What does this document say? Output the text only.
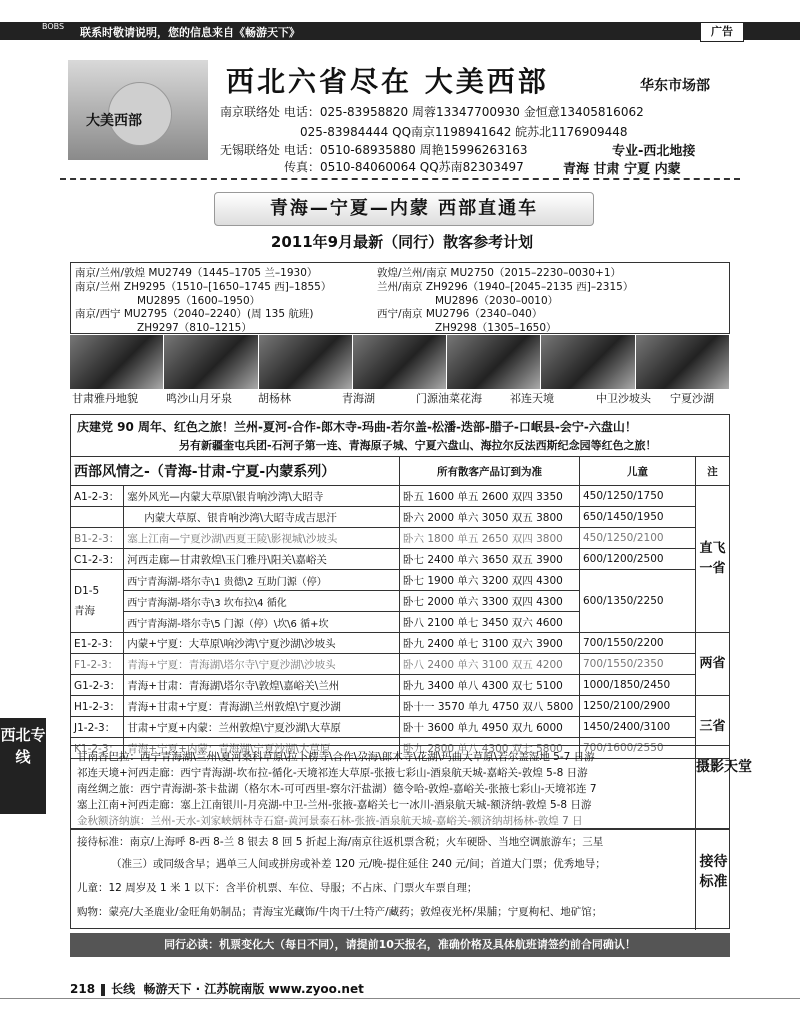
BOBS	联系时敬请说明，您的信息来自《畅游天下》	广告
大美西部
西北六省尽在 大美西部	华东市场部
南京联络处 电话：025-83958820 周蓉13347700930 金恒意13405816062
025-83984444 QQ南京1198941642 皖苏北1176909448
无锡联络处 电话：0510-68935880 周艳15996263163
传真：0510-84060064 QQ苏南82303497
专业-西北地接
青海 甘肃 宁夏 内蒙
青海—宁夏—内蒙 西部直通车
2011年9月最新（同行）散客参考计划
南京/兰州/敦煌 MU2749（1445–1705 兰–1930）	敦煌/兰州/南京 MU2750（2015–2230–0030+1）
南京/兰州 ZH9295（1510–[1650–1745 西]–1855）	兰州/南京 ZH9296（1940–[2045–2135 西]–2315）
MU2895（1600–1950）	MU2896（2030–0010）
南京/西宁 MU2795（2040–2240）(周 135 航班)	西宁/南京 MU2796（2340–040）
ZH9297（810–1215）	ZH9298（1305–1650）
甘肃雅丹地貌	鸣沙山月牙泉 胡杨林	青海湖	门源油菜花海	祁连天境	中卫沙坡头 宁夏沙湖
庆建党 90 周年、红色之旅！兰州-夏河-合作-郎木寺-玛曲-若尔盖-松潘-迭部-腊子-口岷县-会宁-六盘山！
另有新疆奎屯兵团-石河子第一连、青海原子城、宁夏六盘山、海拉尔反法西斯纪念园等红色之旅！
西部风情之-（青海-甘肃-宁夏-内蒙系列）		所有散客产品订到为准	儿童	注
A1-2-3：	塞外风光—内蒙大草原\银肯响沙湾\大昭寺	卧五 1600 单五 2600 双四 3350	450/1250/1750	直飞一省
	内蒙大草原、银肯响沙湾\大昭寺成吉思汗	卧六 2000 单六 3050 双五 3800	650/1450/1950	
B1-2-3：	塞上江南—宁夏沙湖\西夏王陵\影视城\沙坡头	卧六 1800 单五 2650 双四 3800	450/1250/2100	
C1-2-3：	河西走廊—甘肃敦煌\玉门雅丹\阳关\嘉峪关	卧七 2400 单六 3650 双五 3900	600/1200/2500	
D1-5
青海	西宁青海湖-塔尔寺\1 贵德\2 互助门源（停）	卧七 1900 单六 3200 双四 4300	600/1350/2250	
	西宁青海湖-塔尔寺\3 坎布拉\4 循化	卧七 2000 单六 3300 双四 4300		
	西宁青海湖-塔尔寺\5 门源（停）\坎\6 循+坎	卧八 2100 单七 3450 双六 4600		
E1-2-3：	内蒙+宁夏：大草原\响沙湾\宁夏沙湖\沙坡头	卧九 2400 单七 3100 双六 3900	700/1550/2200	两省
F1-2-3：	青海+宁夏：青海湖\塔尔寺\宁夏沙湖\沙坡头	卧八 2400 单六 3100 双五 4200	700/1550/2350	
G1-2-3：	青海+甘肃：青海湖\塔尔寺\敦煌\嘉峪关\兰州	卧九 3400 单八 4300 双七 5100	1000/1850/2450	
H1-2-3：	青海+甘肃+宁夏：青海湖\兰州敦煌\宁夏沙湖	卧十一 3570 单九 4750 双八 5800	1250/2100/2900	三省
J1-2-3：	甘肃+宁夏+内蒙：兰州敦煌\宁夏沙湖\大草原	卧十 3600 单九 4950 双九 6000	1450/2400/3100	
K1-2-3：	青海+宁夏+内蒙：青海湖\宁夏沙湖\大草原	卧九 2800 单八 4300 双七 5800	700/1600/2550	
西北专线	甘南香巴拉：西宁青海湖\兰州\夏河桑科草原\拉卜楞寺\合作\尕海\郎木寺\花湖\玛曲大草原\若尔盖湿地 5-7 日游
祁连天境+河西走廊：西宁青海湖-坎布拉-循化-天境祁连大草原-张掖七彩山-酒泉航天城-嘉峪关-敦煌 5-8 日游
南丝绸之旅：西宁青海湖-茶卡盐湖（格尔木-可可西里-察尔汗盐湖）德令哈-敦煌-嘉峪关-张掖七彩山-天境祁连 7
塞上江南+河西走廊：塞上江南银川-月亮湖-中卫-兰州-张掖-嘉峪关七一冰川-酒泉航天城-额济纳-敦煌 5-8 日游
金秋额济纳旗：兰州-天水-刘家峡炳林寺石窟-黄河景泰石林-张掖-酒泉航天城-嘉峪关-额济纳胡杨林-敦煌 7 日
摄影天堂
接待标准：南京/上海呼 8-西 8-兰 8 银去 8 回 5 折起上海/南京往返机票含税；火车硬卧、当地空调旅游车；三星
（准三）或同级含早；遇单三人间或拼房或补差 120 元/晚-提住延住 240 元/间；首道大门票；优秀地导；
儿童：12 周岁及 1 米 1 以下：含半价机票、车位、导服；不占床、门票火车票自理；
购物：蒙亮/大圣鹿业/金旺角奶制品；青海宝光藏饰/牛肉干/土特产/藏药；敦煌夜光杯/果脯；宁夏枸杞、地矿馆；
接待标准
同行必读：机票变化大（每日不同），请提前10天报名，准确价格及具体航班请签约前合同确认！
218 长线 畅游天下 · 江苏皖南版 www.zyoo.net
